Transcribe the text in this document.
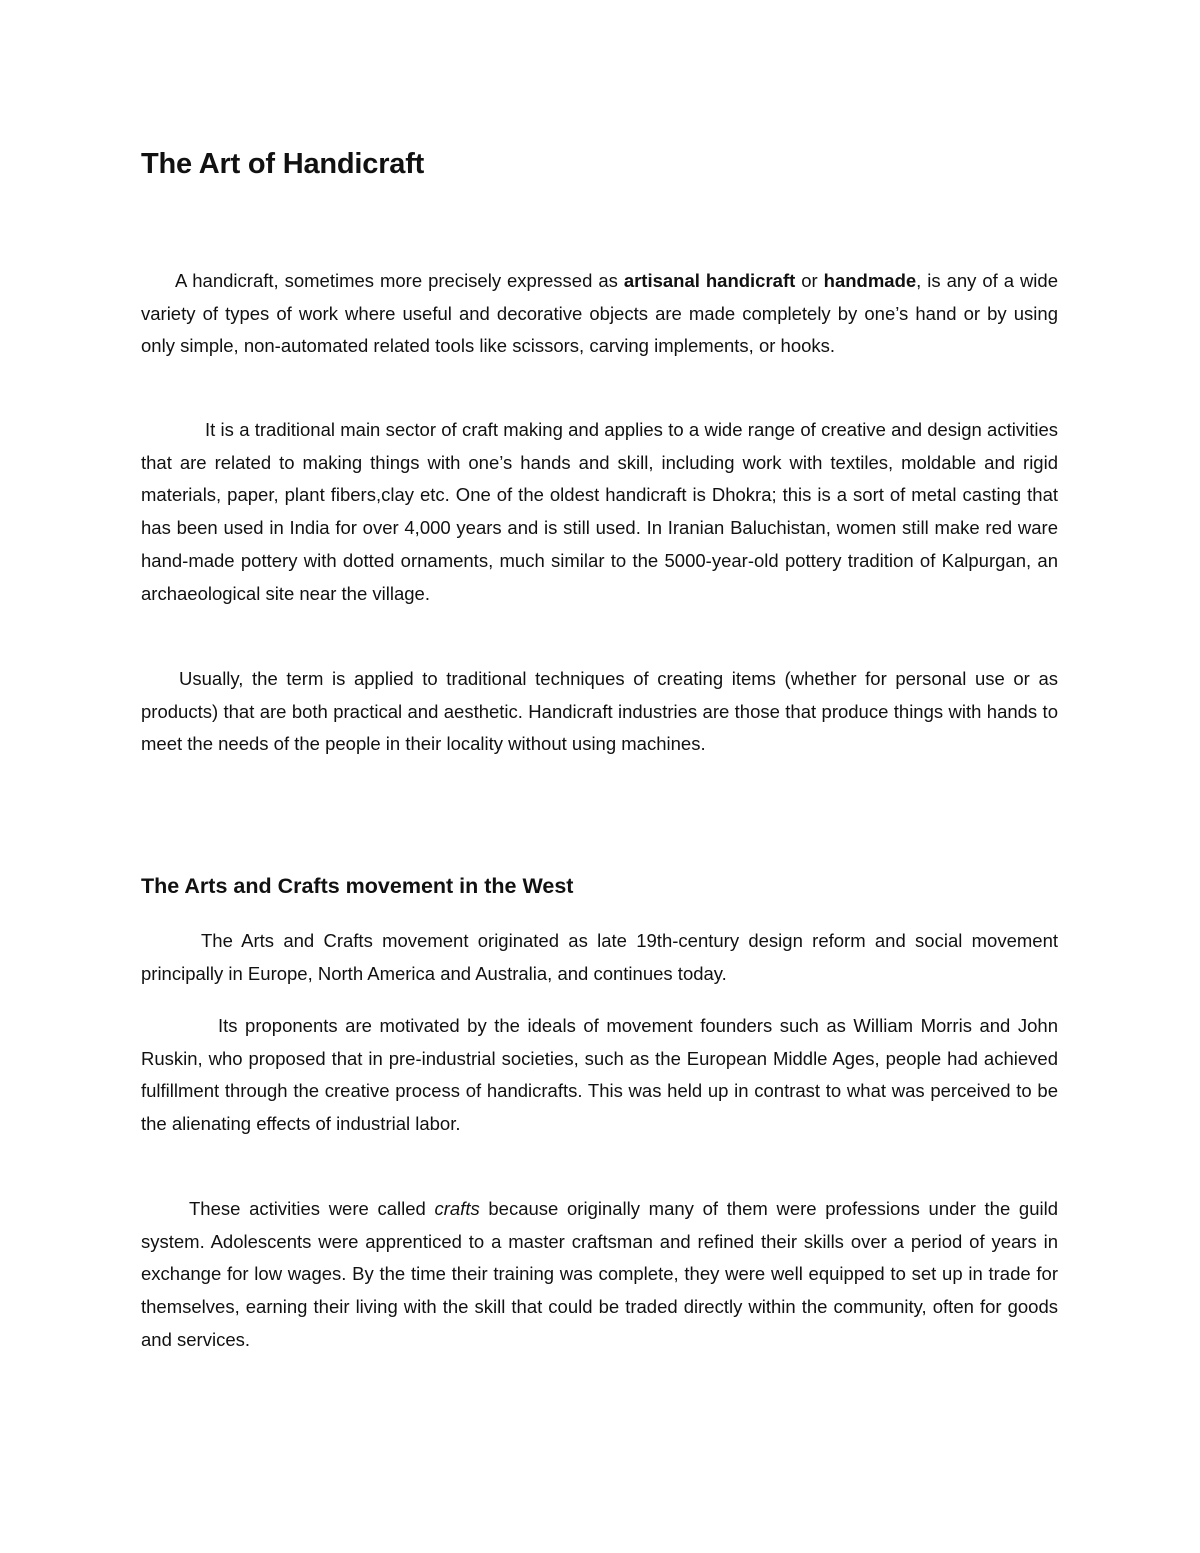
The Art of Handicraft

A handicraft, sometimes more precisely expressed as artisanal handicraft or handmade, is any of a wide variety of types of work where useful and decorative objects are made completely by one’s hand or by using only simple, non-automated related tools like scissors, carving implements, or hooks.

It is a traditional main sector of craft making and applies to a wide range of creative and design activities that are related to making things with one’s hands and skill, including work with textiles, moldable and rigid materials, paper, plant fibers,clay etc. One of the oldest handicraft is Dhokra; this is a sort of metal casting that has been used in India for over 4,000 years and is still used. In Iranian Baluchistan, women still make red ware hand-made pottery with dotted ornaments, much similar to the 5000-year-old pottery tradition of Kalpurgan, an archaeological site near the village.

Usually, the term is applied to traditional techniques of creating items (whether for personal use or as products) that are both practical and aesthetic. Handicraft industries are those that produce things with hands to meet the needs of the people in their locality without using machines.

The Arts and Crafts movement in the West

The Arts and Crafts movement originated as late 19th-century design reform and social movement principally in Europe, North America and Australia, and continues today.

Its proponents are motivated by the ideals of movement founders such as William Morris and John Ruskin, who proposed that in pre-industrial societies, such as the European Middle Ages, people had achieved fulfillment through the creative process of handicrafts. This was held up in contrast to what was perceived to be the alienating effects of industrial labor.

These activities were called crafts because originally many of them were professions under the guild system. Adolescents were apprenticed to a master craftsman and refined their skills over a period of years in exchange for low wages. By the time their training was complete, they were well equipped to set up in trade for themselves, earning their living with the skill that could be traded directly within the community, often for goods and services.
